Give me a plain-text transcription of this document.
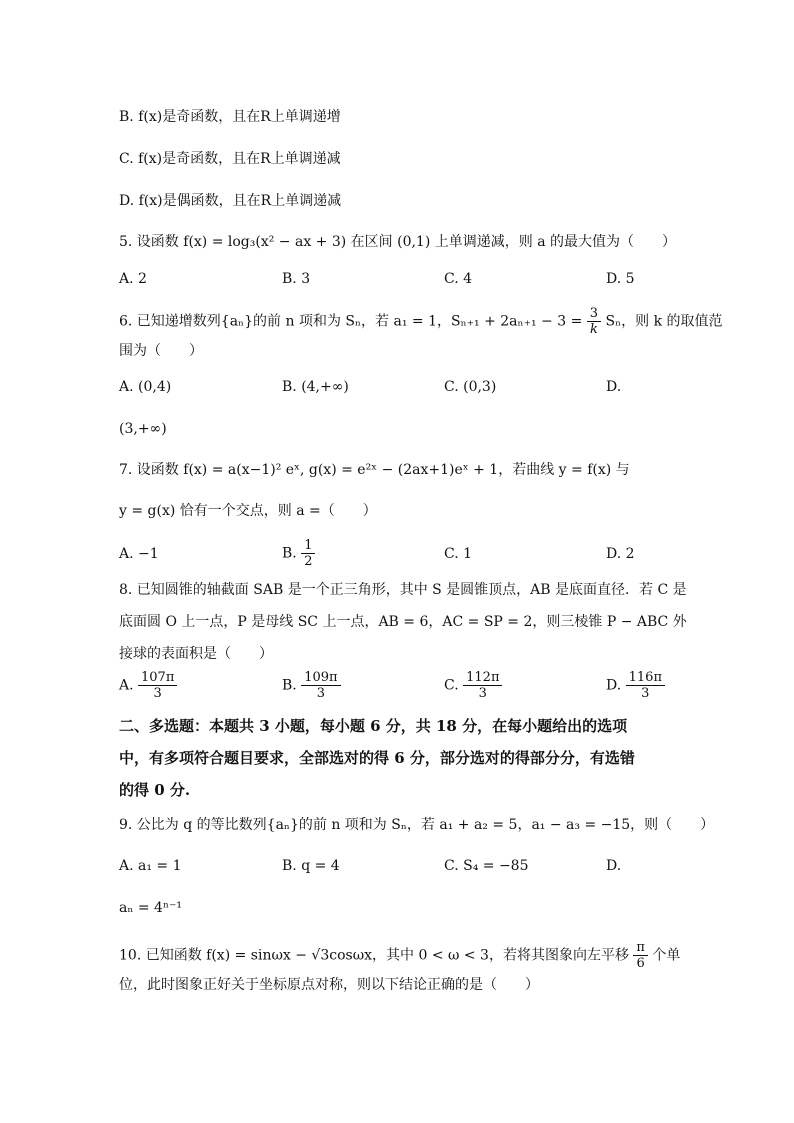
B. f(x)是奇函数，且在R上单调递增
C. f(x)是奇函数，且在R上单调递减
D. f(x)是偶函数，且在R上单调递减
5. 设函数 f(x) = log₃(x² − ax + 3) 在区间 (0,1) 上单调递减，则 a 的最大值为（　　）
A. 2	B. 3	C. 4	D. 5
6. 已知递增数列{aₙ}的前 n 项和为 Sₙ，若 a₁ = 1，$S_{n+1} + 2a_{n+1} - 3 = \frac{3}{k}$ Sₙ，则 k 的取值范
围为（　　）
A. (0,4)	B. (4,+∞)	C. (0,3)	D.
(3,+∞)
7. 设函数 f(x) = a(x−1)² eˣ, g(x) = e²ˣ − (2ax+1)eˣ + 1，若曲线 y = f(x) 与
y = g(x) 恰有一个交点，则 a =（　　）
A. −1	B. $\frac{1}{2}$	C. 1	D. 2
8. 已知圆锥的轴截面 SAB 是一个正三角形，其中 S 是圆锥顶点，AB 是底面直径．若 C 是
底面圆 O 上一点，P 是母线 SC 上一点，AB = 6，AC = SP = 2，则三棱锥 P − ABC 外
接球的表面积是（　　）
A. $\frac{107\pi}{3}$	B. $\frac{109\pi}{3}$	C. $\frac{112\pi}{3}$	D. $\frac{116\pi}{3}$
二、多选题：本题共 3 小题，每小题 6 分，共 18 分，在每小题给出的选项
中，有多项符合题目要求，全部选对的得 6 分，部分选对的得部分分，有选错
的得 0 分.
9. 公比为 q 的等比数列{aₙ}的前 n 项和为 Sₙ，若 a₁ + a₂ = 5，a₁ − a₃ = −15，则（　　）
A. a₁ = 1	B. q = 4	C. S₄ = −85	D.
aₙ = 4ⁿ⁻¹
10. 已知函数 f(x) = sinωx − √3cosωx，其中 0 < ω < 3，若将其图象向左平移 $\frac{\pi}{6}$ 个单
位，此时图象正好关于坐标原点对称，则以下结论正确的是（　　）
